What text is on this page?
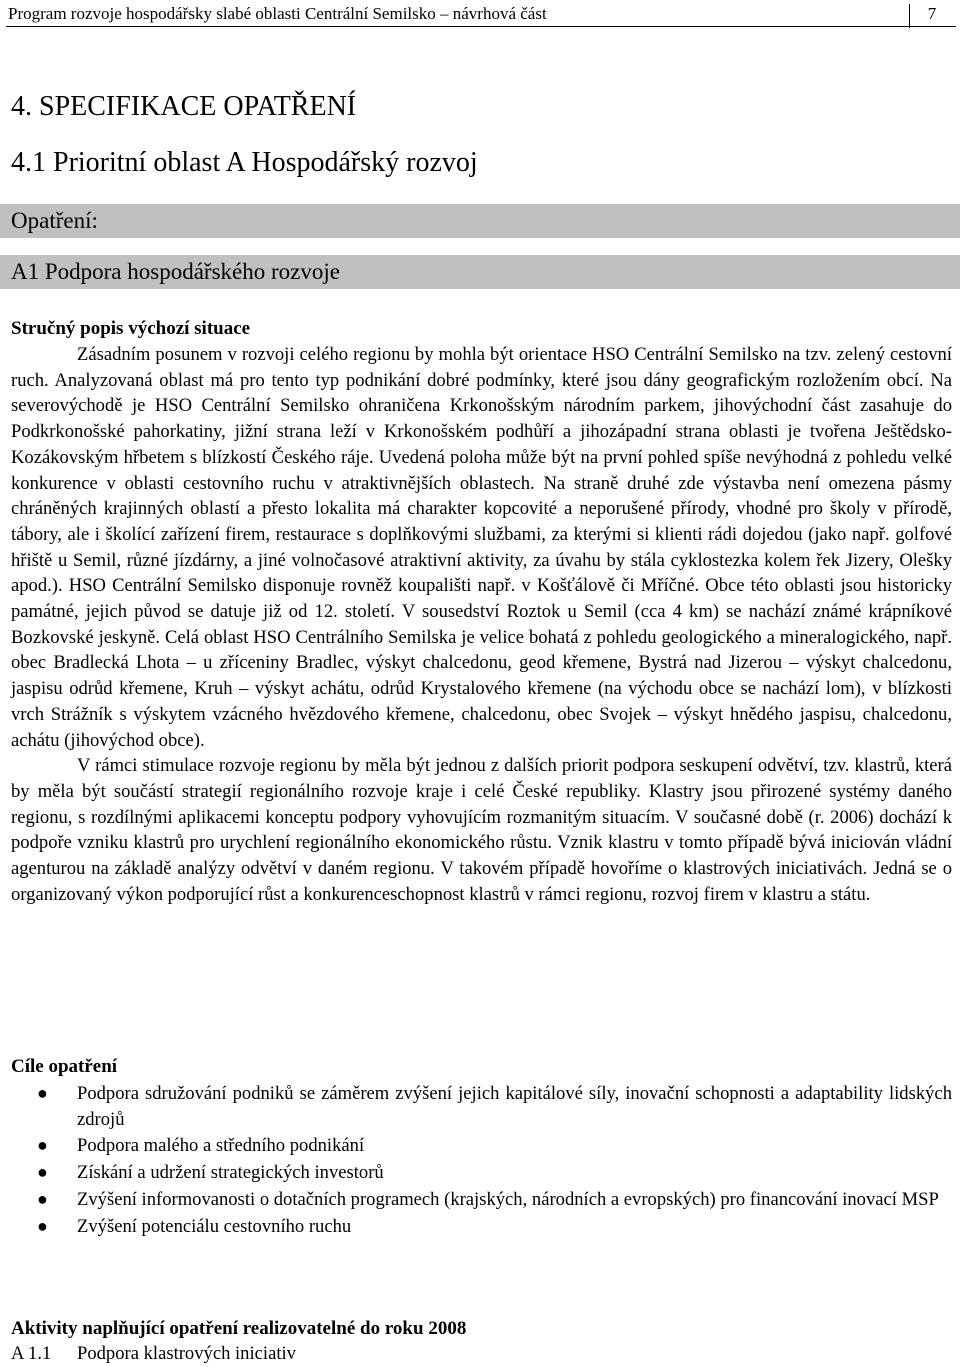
Program rozvoje hospodářsky slabé oblasti Centrální Semilsko – návrhová část	7
4. SPECIFIKACE OPATŘENÍ
4.1 Prioritní oblast A Hospodářský rozvoj
Opatření:
A1 Podpora hospodářského rozvoje
Stručný popis výchozí situace

Zásadním posunem v rozvoji celého regionu by mohla být orientace HSO Centrální Semilsko na tzv. zelený cestovní ruch. Analyzovaná oblast má pro tento typ podnikání dobré podmínky, které jsou dány geografickým rozložením obcí. Na severovýchodě je HSO Centrální Semilsko ohraničena Krkonošským národním parkem, jihovýchodní část zasahuje do Podkrkonošské pahorkatiny, jižní strana leží v Krkonošském podhůří a jihozápadní strana oblasti je tvořena Ještědsko-Kozákovským hřbetem s blízkostí Českého ráje. Uvedená poloha může být na první pohled spíše nevýhodná z pohledu velké konkurence v oblasti cestovního ruchu v atraktivnějších oblastech. Na straně druhé zde výstavba není omezena pásmy chráněných krajinných oblastí a přesto lokalita má charakter kopcovité a neporušené přírody, vhodné pro školy v přírodě, tábory, ale i školící zařízení firem, restaurace s doplňkovými službami, za kterými si klienti rádi dojedou (jako např. golfové hřiště u Semil, různé jízdárny, a jiné volnočasové atraktivní aktivity, za úvahu by stála cyklostezka kolem řek Jizery, Olešky apod.). HSO Centrální Semilsko disponuje rovněž koupališti např. v Košťálově či Mříčné. Obce této oblasti jsou historicky památné, jejich původ se datuje již od 12. století. V sousedství Roztok u Semil (cca 4 km) se nachází známé krápníkové Bozkovské jeskyně. Celá oblast HSO Centrálního Semilska je velice bohatá z pohledu geologického a mineralogického, např. obec Bradlecká Lhota – u zříceniny Bradlec, výskyt chalcedonu, geod křemene, Bystrá nad Jizerou – výskyt chalcedonu, jaspisu odrůd křemene, Kruh – výskyt achátu, odrůd Krystalového křemene (na východu obce se nachází lom), v blízkosti vrch Strážník s výskytem vzácného hvězdového křemene, chalcedonu, obec Svojek – výskyt hnědého jaspisu, chalcedonu, achátu (jihovýchod obce).

V rámci stimulace rozvoje regionu by měla být jednou z dalších priorit podpora seskupení odvětví, tzv. klastrů, která by měla být součástí strategií regionálního rozvoje kraje i celé České republiky. Klastry jsou přirozené systémy daného regionu, s rozdílnými aplikacemi konceptu podpory vyhovujícím rozmanitým situacím. V současné době (r. 2006) dochází k podpoře vzniku klastrů pro urychlení regionálního ekonomického růstu. Vznik klastru v tomto případě bývá iniciován vládní agenturou na základě analýzy odvětví v daném regionu. V takovém případě hovoříme o klastrových iniciativách. Jedná se o organizovaný výkon podporující růst a konkurenceschopnost klastrů v rámci regionu, rozvoj firem v klastru a státu.

Cíle opatření
● Podpora sdružování podniků se záměrem zvýšení jejich kapitálové síly, inovační schopnosti a adaptability lidských zdrojů
● Podpora malého a středního podnikání
● Získání a udržení strategických investorů
● Zvýšení informovanosti o dotačních programech (krajských, národních a evropských) pro financování inovací MSP
● Zvýšení potenciálu cestovního ruchu
Aktivity naplňující opatření realizovatelné do roku 2008
A 1.1 Podpora klastrových iniciativ
